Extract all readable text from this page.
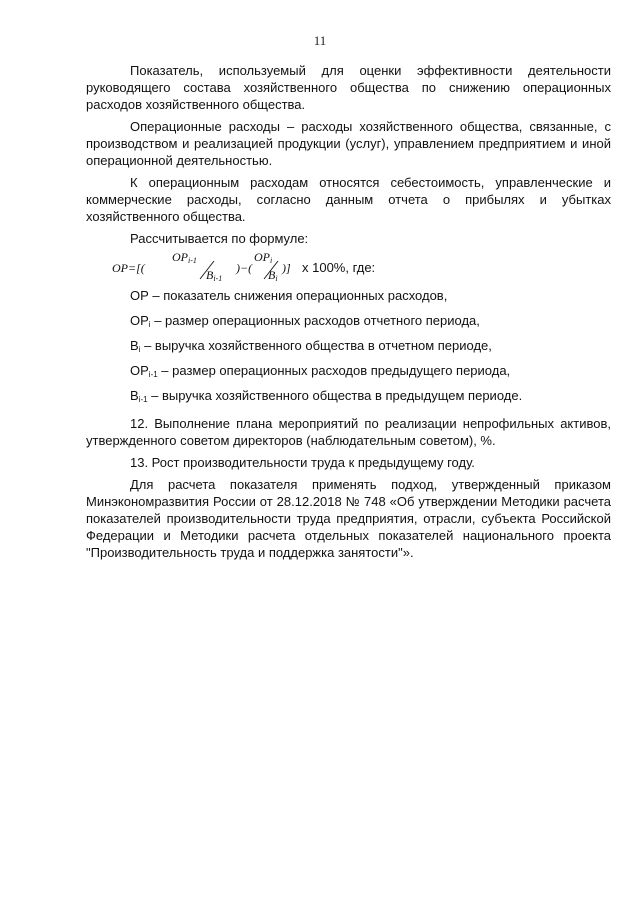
11

Показатель, используемый для оценки эффективности деятельности руководящего состава хозяйственного общества по снижению операционных расходов хозяйственного общества.

Операционные расходы – расходы хозяйственного общества, связанные, с производством и реализацией продукции (услуг), управлением предприятием и иной операционной деятельностью.

К операционным расходам относятся себестоимость, управленческие и коммерческие расходы, согласно данным отчета о прибылях и убытках хозяйственного общества.

Рассчитывается по формуле:

OP=[(
$OP_{i-1}$
$B_{i-1}$
)−(
$OP_i$
$B_i$
)] x 100%, где:

OP – показатель снижения операционных расходов,

$OP_i$ – размер операционных расходов отчетного периода,

$B_i$ – выручка хозяйственного общества в отчетном периоде,

$OP_{i-1}$ – размер операционных расходов предыдущего периода,

$B_{i-1}$ – выручка хозяйственного общества в предыдущем периоде.

12. Выполнение плана мероприятий по реализации непрофильных активов, утвержденного советом директоров (наблюдательным советом), %.

13. Рост производительности труда к предыдущему году.

Для расчета показателя применять подход, утвержденный приказом Минэкономразвития России от 28.12.2018 № 748 «Об утверждении Методики расчета показателей производительности труда предприятия, отрасли, субъекта Российской Федерации и Методики расчета отдельных показателей национального проекта "Производительность труда и поддержка занятости"».
